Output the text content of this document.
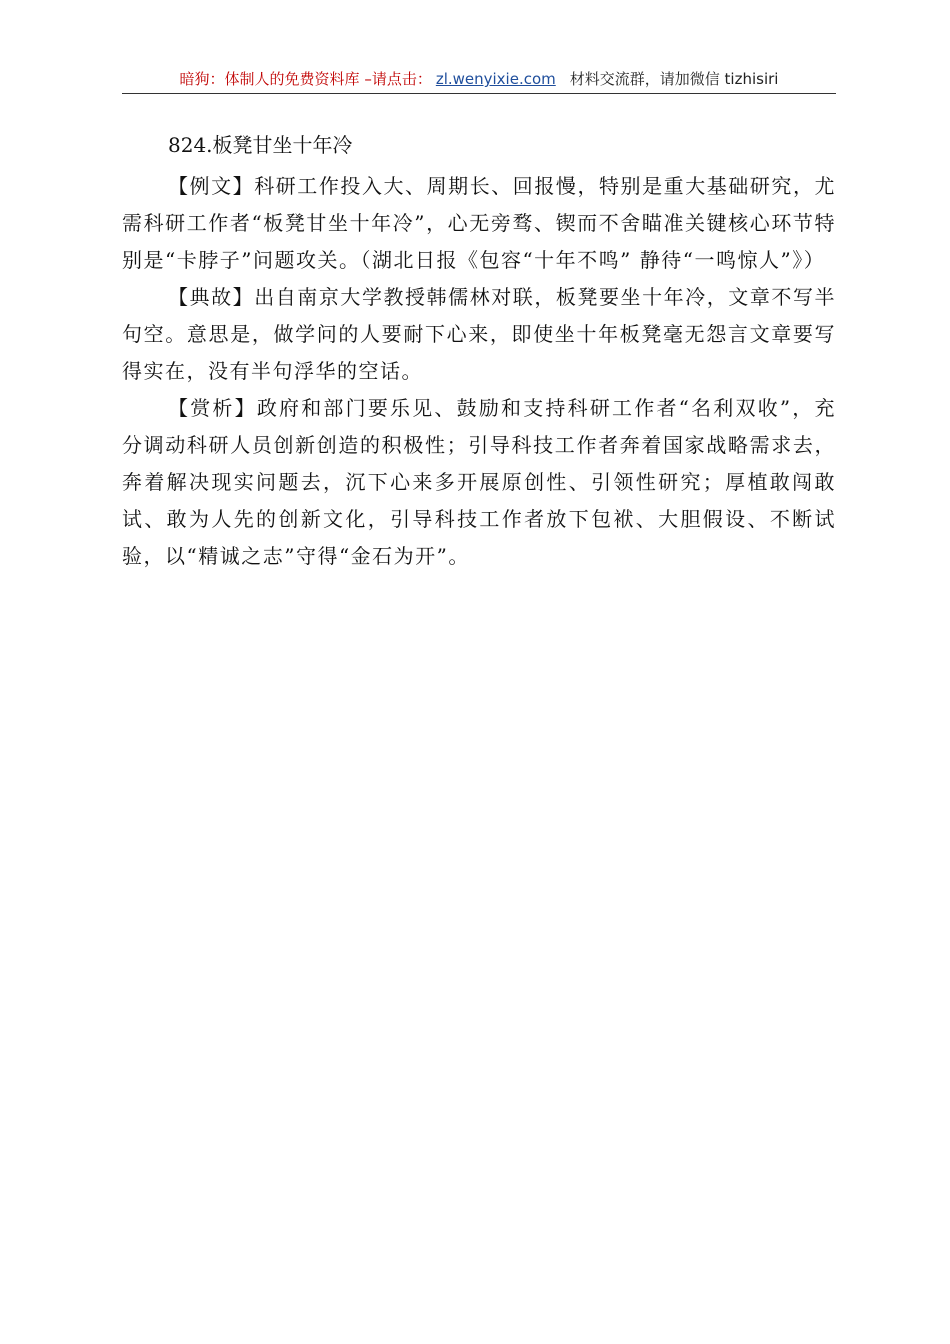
暗狗：体制人的免费资料库 –请点击： zl.wenyixie.com 材料交流群，请加微信 tizhisiri
824.板凳甘坐十年冷

【例文】科研工作投入大、周期长、回报慢，特别是重大基础研究，尤需科研工作者“板凳甘坐十年冷”，心无旁骛、锲而不舍瞄准关键核心环节特别是“卡脖子”问题攻关。（湖北日报《包容“十年不鸣” 静待“一鸣惊人”》）

【典故】出自南京大学教授韩儒林对联，板凳要坐十年冷，文章不写半句空。意思是，做学问的人要耐下心来，即使坐十年板凳毫无怨言文章要写得实在，没有半句浮华的空话。

【赏析】政府和部门要乐见、鼓励和支持科研工作者“名利双收”，充分调动科研人员创新创造的积极性；引导科技工作者奔着国家战略需求去，奔着解决现实问题去，沉下心来多开展原创性、引领性研究；厚植敢闯敢试、敢为人先的创新文化，引导科技工作者放下包袱、大胆假设、不断试验，以“精诚之志”守得“金石为开”。
